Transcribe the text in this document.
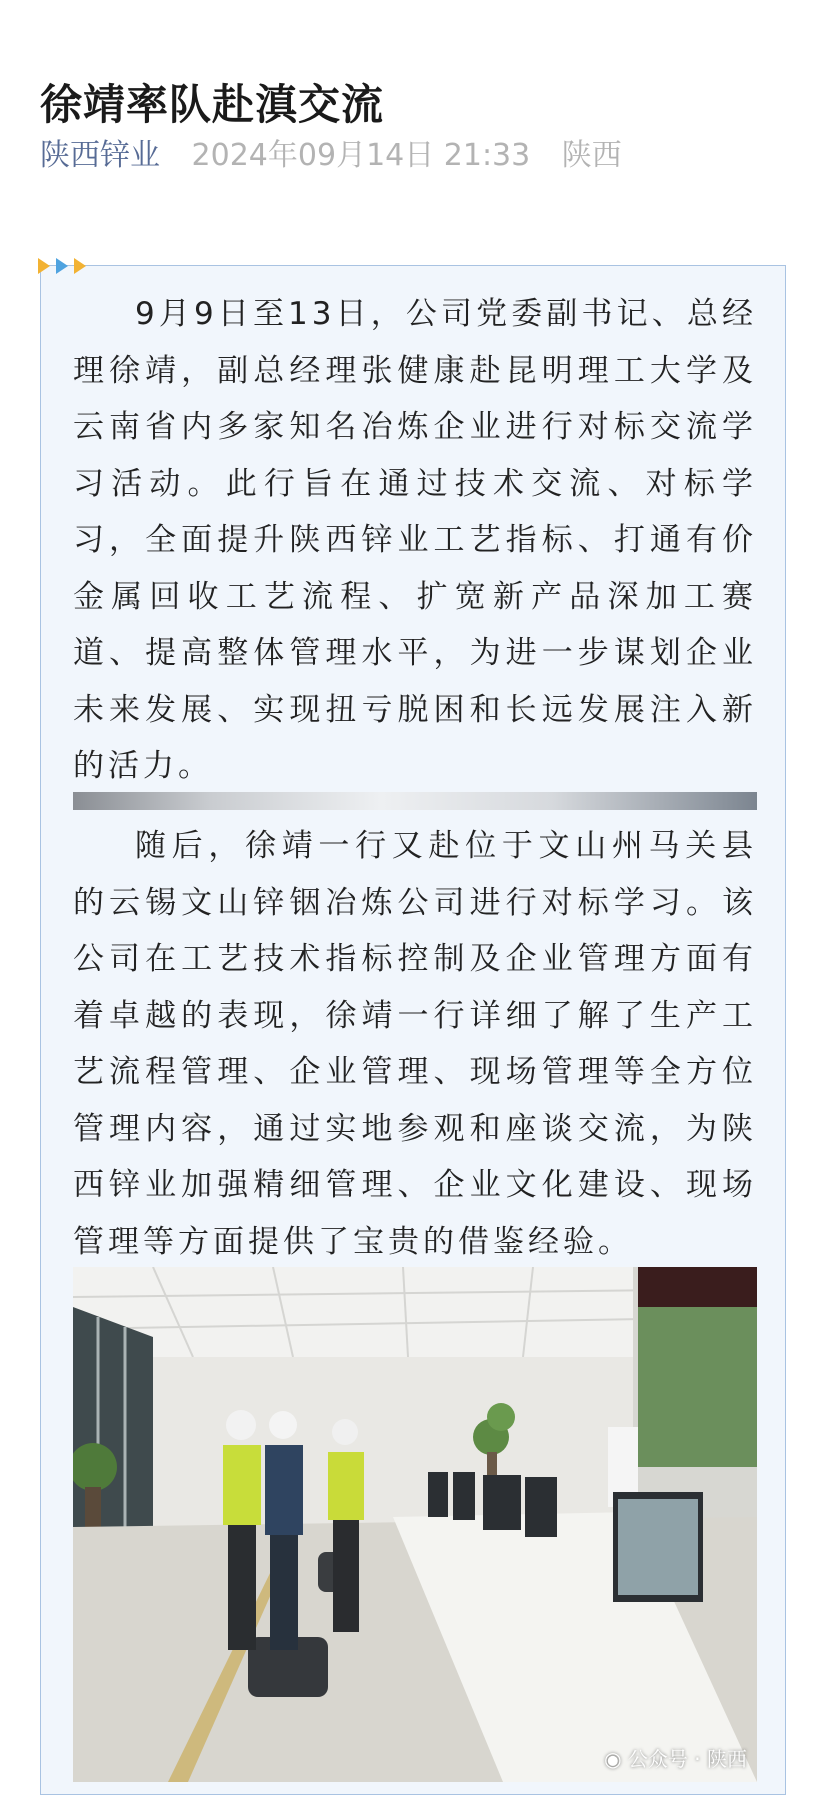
徐靖率队赴滇交流
陕西锌业 2024年09月14日 21:33 陕西

9月9日至13日，公司党委副书记、总经理徐靖，副总经理张健康赴昆明理工大学及云南省内多家知名冶炼企业进行对标交流学习活动。此行旨在通过技术交流、对标学习，全面提升陕西锌业工艺指标、打通有价金属回收工艺流程、扩宽新产品深加工赛道、提高整体管理水平，为进一步谋划企业未来发展、实现扭亏脱困和长远发展注入新的活力。

随后，徐靖一行又赴位于文山州马关县的云锡文山锌铟冶炼公司进行对标学习。该公司在工艺技术指标控制及企业管理方面有着卓越的表现，徐靖一行详细了解了生产工艺流程管理、企业管理、现场管理等全方位管理内容，通过实地参观和座谈交流，为陕西锌业加强精细管理、企业文化建设、现场管理等方面提供了宝贵的借鉴经验。

◉ 公众号 · 陕西
